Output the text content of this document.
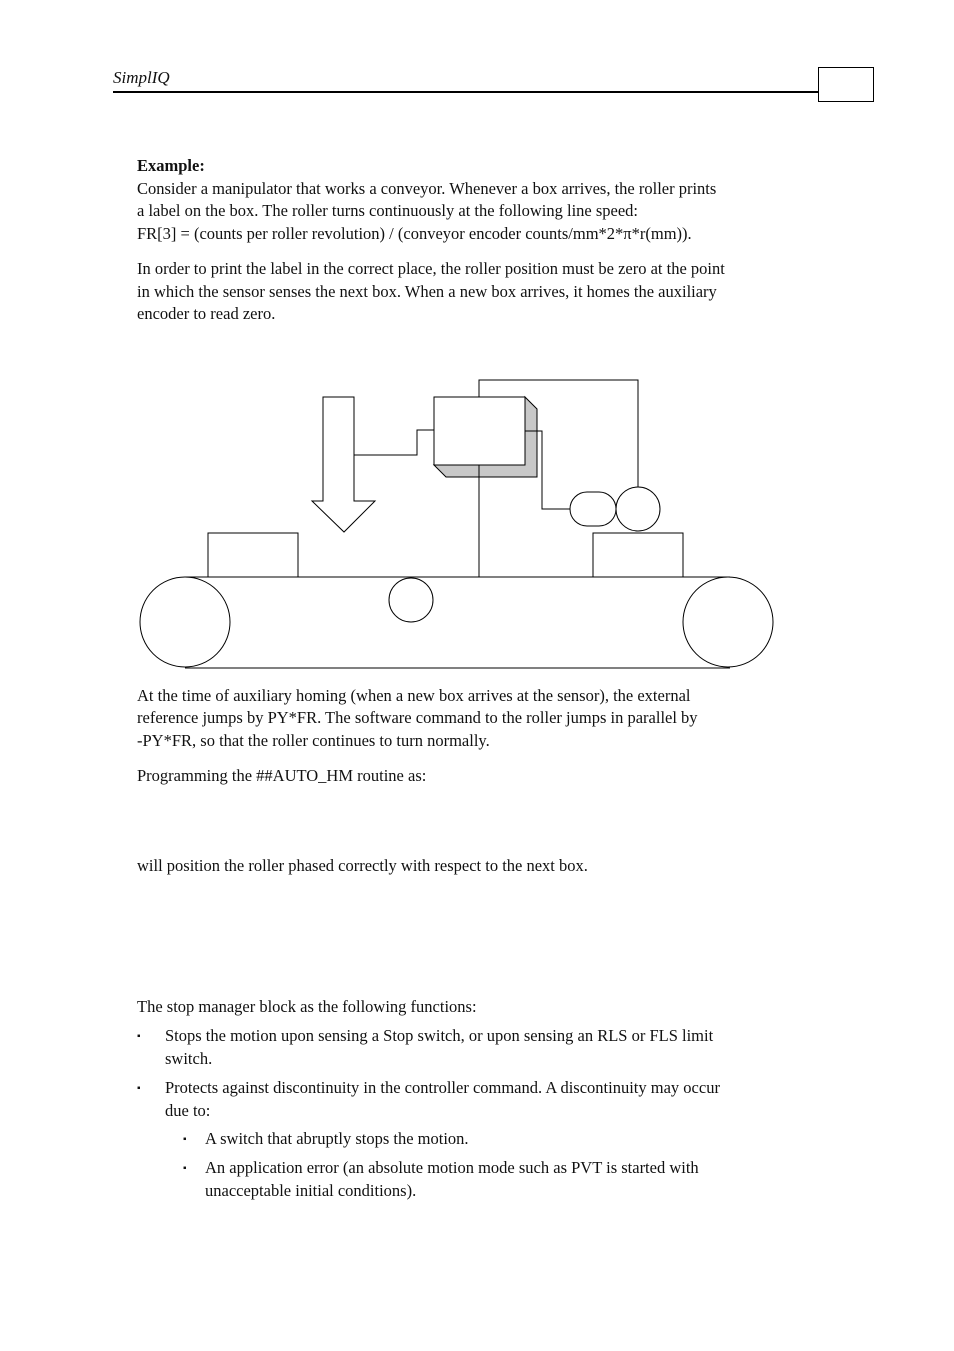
SimplIQ
Example:
Consider a manipulator that works a conveyor. Whenever a box arrives, the roller prints
a label on the box. The roller turns continuously at the following line speed:
FR[3] = (counts per roller revolution) / (conveyor encoder counts/mm*2*π*r(mm)).
In order to print the label in the correct place, the roller position must be zero at the point
in which the sensor senses the next box. When a new box arrives, it homes the auxiliary
encoder to read zero.
At the time of auxiliary homing (when a new box arrives at the sensor), the external
reference jumps by PY*FR. The software command to the roller jumps in parallel by
-PY*FR, so that the roller continues to turn normally.
Programming the ##AUTO_HM routine as:
will position the roller phased correctly with respect to the next box.
The stop manager block as the following functions:
▪ Stops the motion upon sensing a Stop switch, or upon sensing an RLS or FLS limit
switch.
▪ Protects against discontinuity in the controller command. A discontinuity may occur
due to:
▪ A switch that abruptly stops the motion.
▪ An application error (an absolute motion mode such as PVT is started with
unacceptable initial conditions).
